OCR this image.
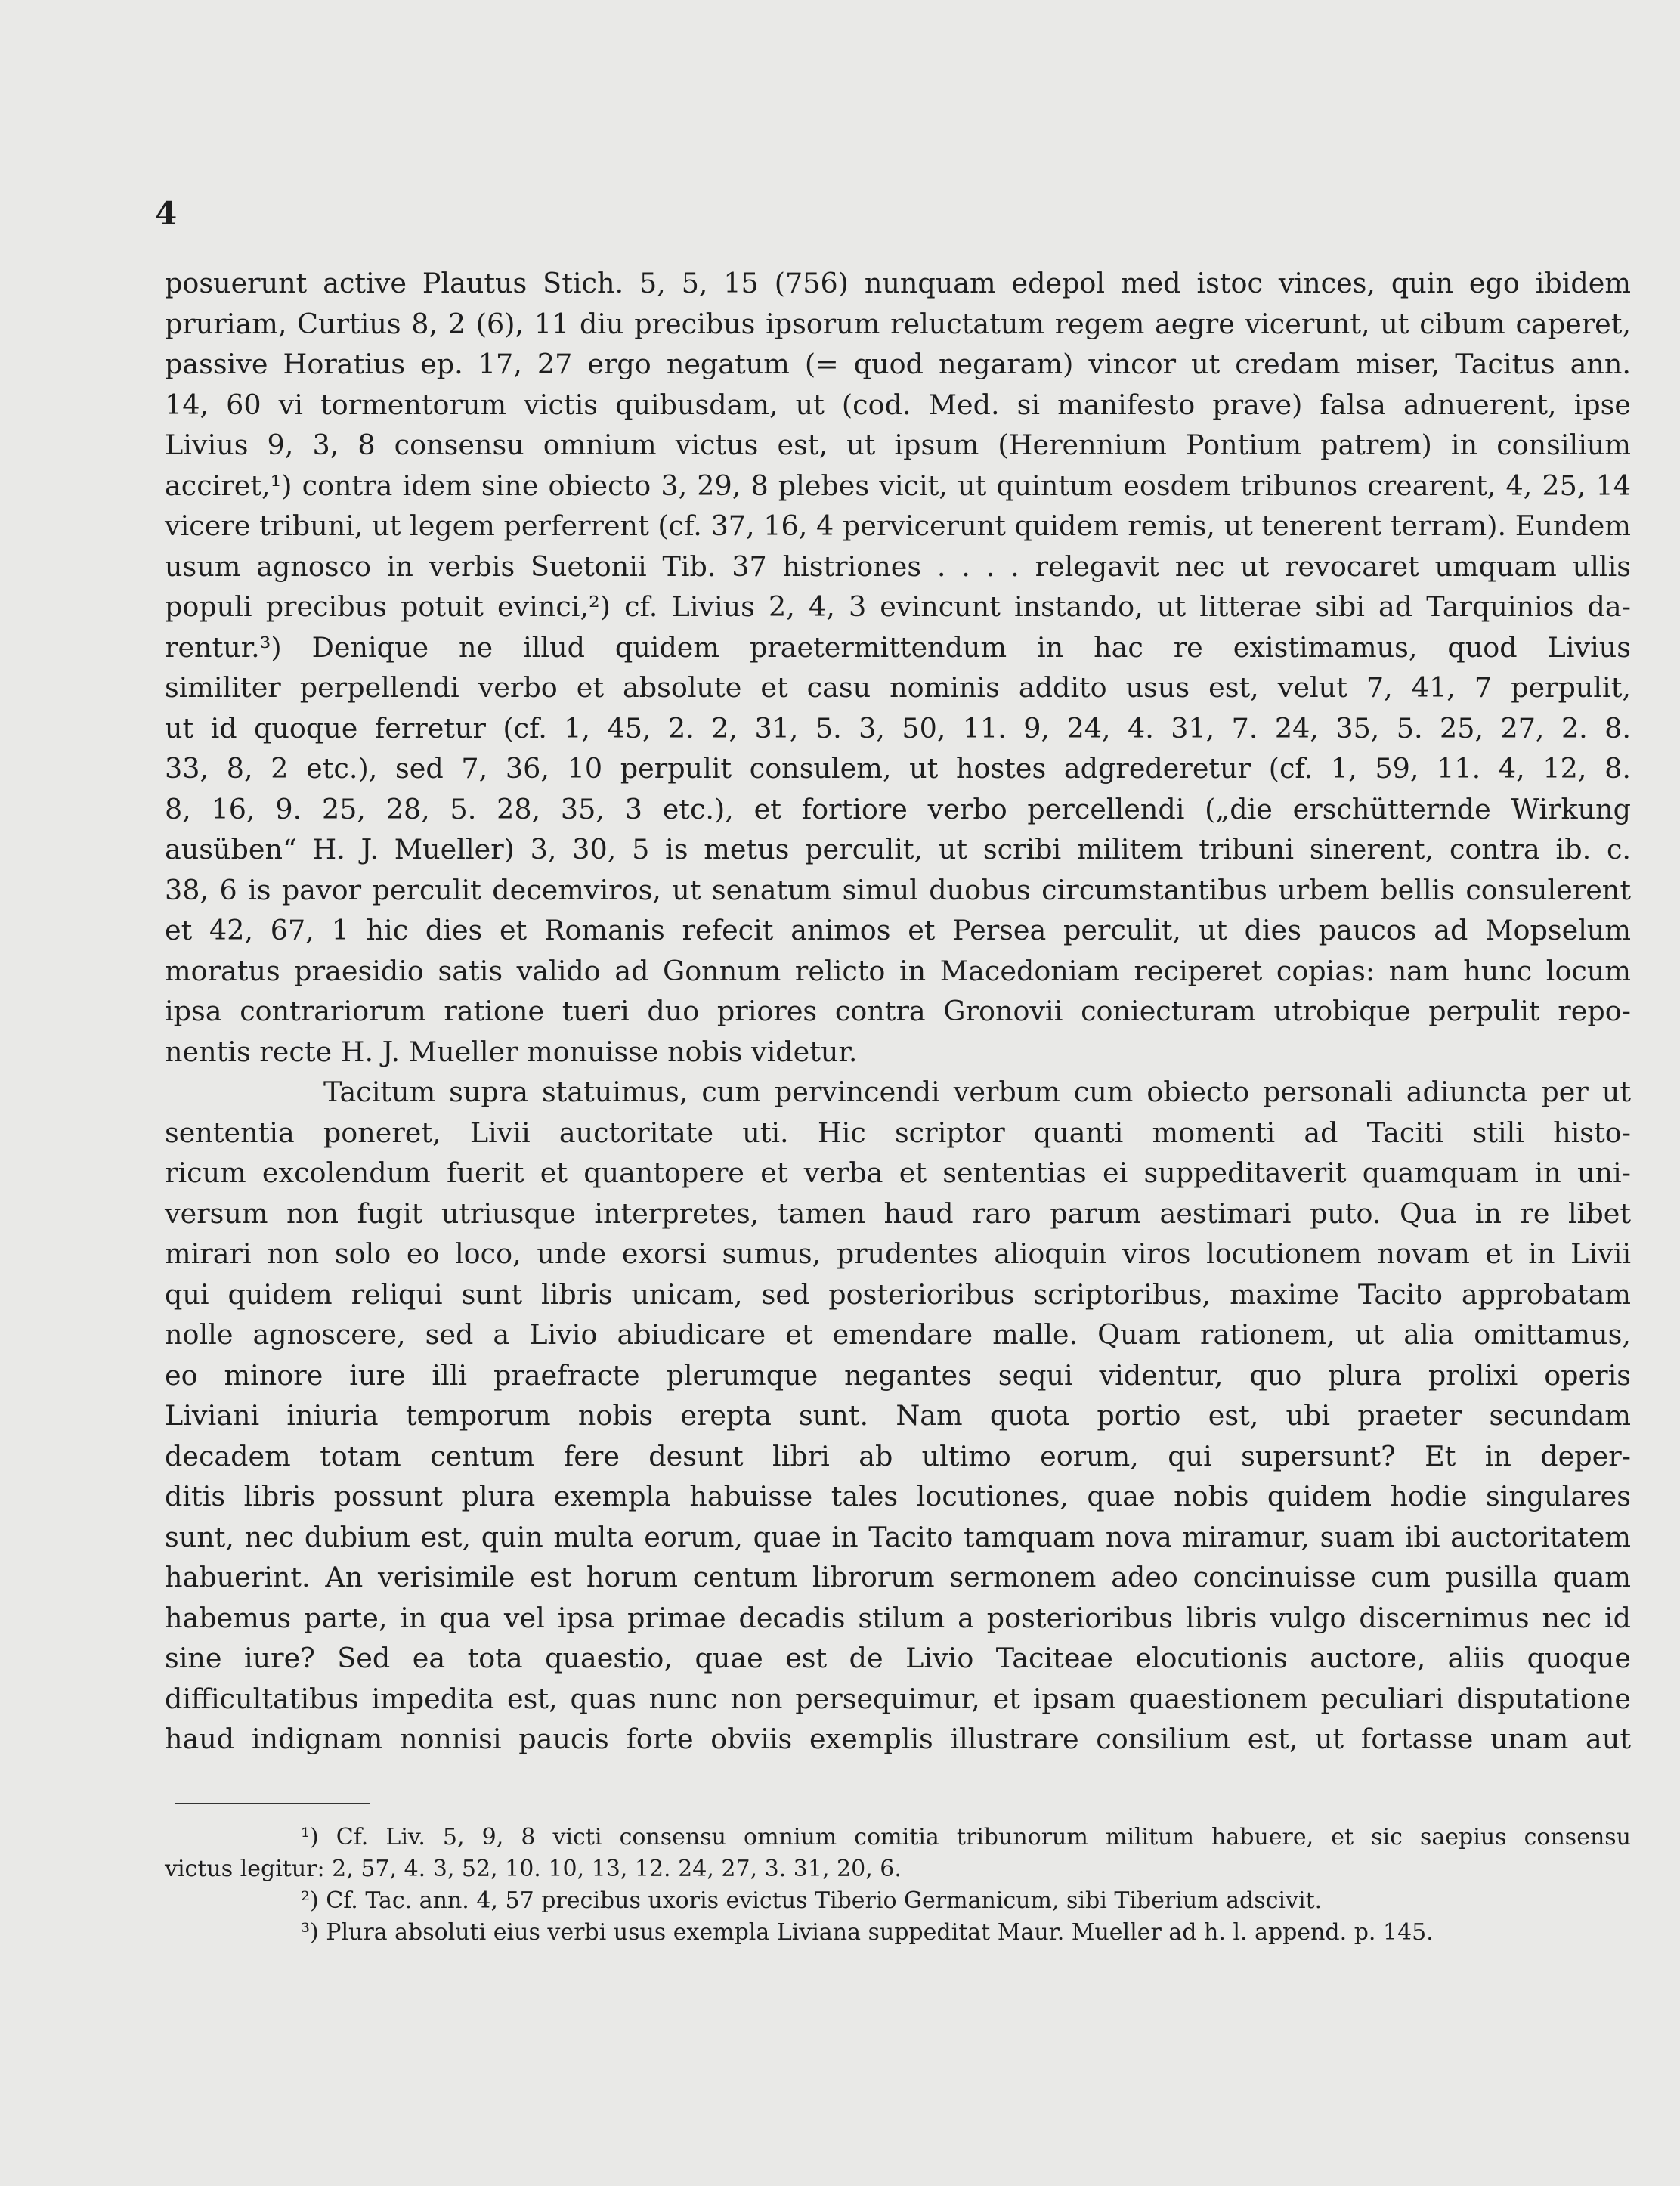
4
posuerunt active Plautus Stich. 5, 5, 15 (756) nunquam edepol med istoc vinces, quin ego ibidem
pruriam, Curtius 8, 2 (6), 11 diu precibus ipsorum reluctatum regem aegre vicerunt, ut cibum caperet,
passive Horatius ep. 17, 27 ergo negatum (= quod negaram) vincor ut credam miser, Tacitus ann.
14, 60 vi tormentorum victis quibusdam, ut (cod. Med. si manifesto prave) falsa adnuerent, ipse
Livius 9, 3, 8 consensu omnium victus est, ut ipsum (Herennium Pontium patrem) in consilium
acciret,¹) contra idem sine obiecto 3, 29, 8 plebes vicit, ut quintum eosdem tribunos crearent, 4, 25, 14
vicere tribuni, ut legem perferrent (cf. 37, 16, 4 pervicerunt quidem remis, ut tenerent terram). Eundem
usum agnosco in verbis Suetonii Tib. 37 histriones . . . . relegavit nec ut revocaret umquam ullis
populi precibus potuit evinci,²) cf. Livius 2, 4, 3 evincunt instando, ut litterae sibi ad Tarquinios da-
rentur.³) Denique ne illud quidem praetermittendum in hac re existimamus, quod Livius
similiter perpellendi verbo et absolute et casu nominis addito usus est, velut 7, 41, 7 perpulit,
ut id quoque ferretur (cf. 1, 45, 2. 2, 31, 5. 3, 50, 11. 9, 24, 4. 31, 7. 24, 35, 5. 25, 27, 2. 8.
33, 8, 2 etc.), sed 7, 36, 10 perpulit consulem, ut hostes adgrederetur (cf. 1, 59, 11. 4, 12, 8.
8, 16, 9. 25, 28, 5. 28, 35, 3 etc.), et fortiore verbo percellendi („die erschütternde Wirkung
ausüben“ H. J. Mueller) 3, 30, 5 is metus perculit, ut scribi militem tribuni sinerent, contra ib. c.
38, 6 is pavor perculit decemviros, ut senatum simul duobus circumstantibus urbem bellis consulerent
et 42, 67, 1 hic dies et Romanis refecit animos et Persea perculit, ut dies paucos ad Mopselum
moratus praesidio satis valido ad Gonnum relicto in Macedoniam reciperet copias: nam hunc locum
ipsa contrariorum ratione tueri duo priores contra Gronovii coniecturam utrobique perpulit repo-
nentis recte H. J. Mueller monuisse nobis videtur.
Tacitum supra statuimus, cum pervincendi verbum cum obiecto personali adiuncta per ut
sententia poneret, Livii auctoritate uti. Hic scriptor quanti momenti ad Taciti stili histo-
ricum excolendum fuerit et quantopere et verba et sententias ei suppeditaverit quamquam in uni-
versum non fugit utriusque interpretes, tamen haud raro parum aestimari puto. Qua in re libet
mirari non solo eo loco, unde exorsi sumus, prudentes alioquin viros locutionem novam et in Livii
qui quidem reliqui sunt libris unicam, sed posterioribus scriptoribus, maxime Tacito approbatam
nolle agnoscere, sed a Livio abiudicare et emendare malle. Quam rationem, ut alia omittamus,
eo minore iure illi praefracte plerumque negantes sequi videntur, quo plura prolixi operis
Liviani iniuria temporum nobis erepta sunt. Nam quota portio est, ubi praeter secundam
decadem totam centum fere desunt libri ab ultimo eorum, qui supersunt? Et in deper-
ditis libris possunt plura exempla habuisse tales locutiones, quae nobis quidem hodie singulares
sunt, nec dubium est, quin multa eorum, quae in Tacito tamquam nova miramur, suam ibi auctoritatem
habuerint. An verisimile est horum centum librorum sermonem adeo concinuisse cum pusilla quam
habemus parte, in qua vel ipsa primae decadis stilum a posterioribus libris vulgo discernimus nec id
sine iure? Sed ea tota quaestio, quae est de Livio Taciteae elocutionis auctore, aliis quoque
difficultatibus impedita est, quas nunc non persequimur, et ipsam quaestionem peculiari disputatione
haud indignam nonnisi paucis forte obviis exemplis illustrare consilium est, ut fortasse unam aut
¹) Cf. Liv. 5, 9, 8 victi consensu omnium comitia tribunorum militum habuere, et sic saepius consensu
victus legitur: 2, 57, 4. 3, 52, 10. 10, 13, 12. 24, 27, 3. 31, 20, 6.
²) Cf. Tac. ann. 4, 57 precibus uxoris evictus Tiberio Germanicum, sibi Tiberium adscivit.
³) Plura absoluti eius verbi usus exempla Liviana suppeditat Maur. Mueller ad h. l. append. p. 145.
